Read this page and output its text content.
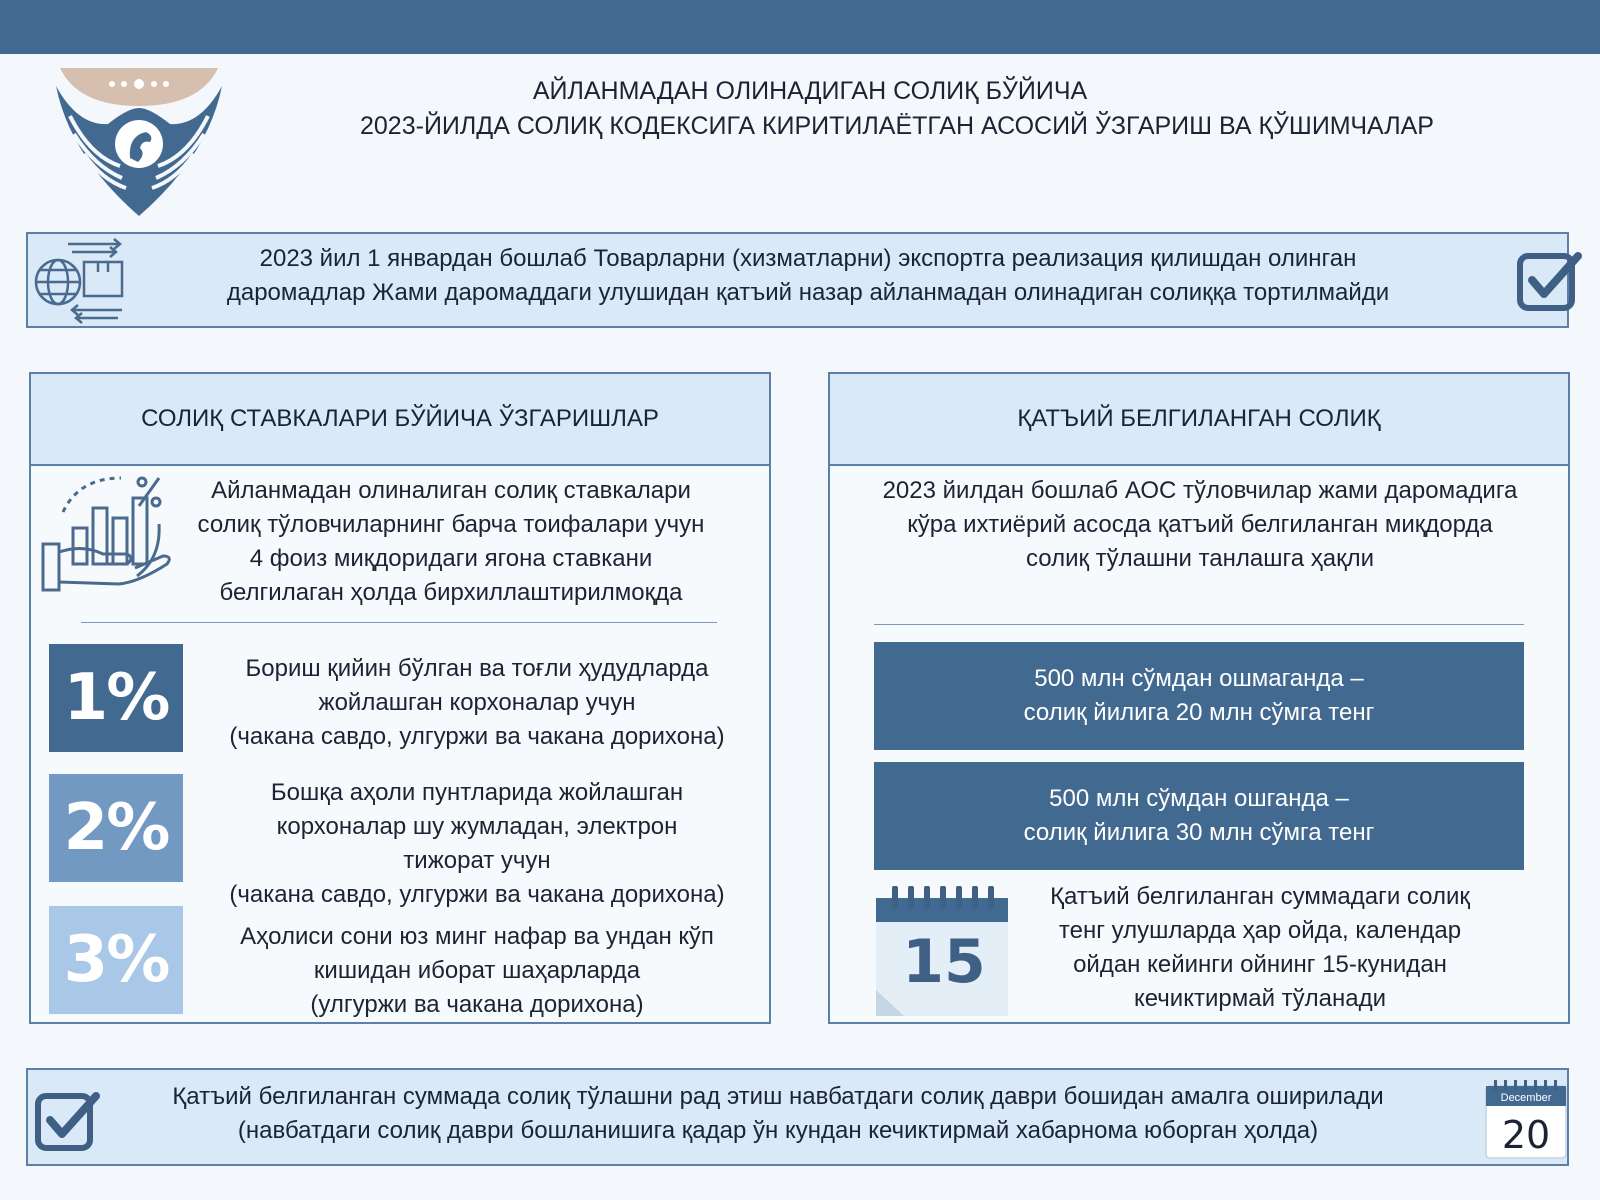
АЙЛАНМАДАН ОЛИНАДИГАН СОЛИҚ БЎЙИЧА
2023-ЙИЛДА СОЛИҚ КОДЕКСИГА КИРИТИЛАЁТГАН АСОСИЙ ЎЗГАРИШ ВА ҚЎШИМЧАЛАР
2023 йил 1 январдан бошлаб Товарларни (хизматларни) экспортга реализация қилишдан олинган
даромадлар Жами даромаддаги улушидан қатъий назар айланмадан олинадиган солиққа тортилмайди
СОЛИҚ СТАВКАЛАРИ БЎЙИЧА ЎЗГАРИШЛАР
Айланмадан олиналиган солиқ ставкалари
солиқ тўловчиларнинг барча тоифалари учун
4 фоиз миқдоридаги ягона ставкани
белгилаган ҳолда бирхиллаштирилмоқда
1%	Бориш қийин бўлган ва тоғли ҳудудларда
жойлашган корхоналар учун
(чакана савдо, улгуржи ва чакана дорихона)
2%	Бошқа аҳоли пунтларида жойлашган
корхоналар шу жумладан, электрон
тижорат учун
(чакана савдо, улгуржи ва чакана дорихона)
3%	Аҳолиси сони юз минг нафар ва ундан кўп
кишидан иборат шаҳарларда
(улгуржи ва чакана дорихона)
ҚАТЪИЙ БЕЛГИЛАНГАН СОЛИҚ
2023 йилдан бошлаб АОС тўловчилар жами даромадига
кўра ихтиёрий асосда қатъий белгиланган миқдорда
солиқ тўлашни танлашга ҳақли
500 млн сўмдан ошмаганда –
солиқ йилига 20 млн сўмга тенг
500 млн сўмдан ошганда –
солиқ йилига 30 млн сўмга тенг
15
Қатъий белгиланган суммадаги солиқ
тенг улушларда ҳар ойда, календар
ойдан кейинги ойнинг 15-кунидан
кечиктирмай тўланади
Қатъий белгиланган суммада солиқ тўлашни рад этиш навбатдаги солиқ даври бошидан амалга оширилади
(навбатдаги солиқ даври бошланишига қадар ўн кундан кечиктирмай хабарнома юборган ҳолда)
December
20
